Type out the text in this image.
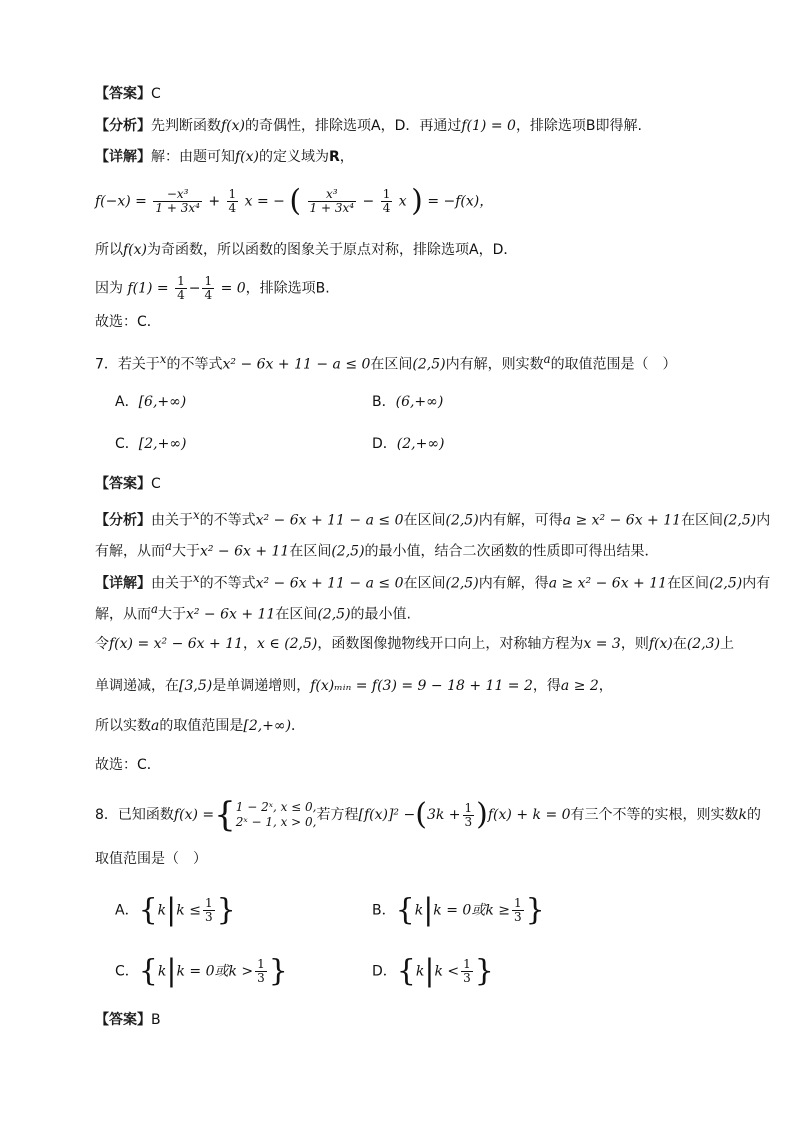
【答案】C
【分析】先判断函数f(x)的奇偶性，排除选项A，D．再通过f(1) = 0，排除选项B即得解.
【详解】解：由题可知f(x)的定义域为R，
$f(-x) = \frac{\text{−x³}}{\text{1 + 3x⁴}} + \frac{1}{4}$ x = − ( $\frac{\text{x³}}{\text{1 + 3x⁴}} - \frac{1}{4}$ x ) = −f(x)，
所以f(x)为奇函数，所以函数的图象关于原点对称，排除选项A，D．
因为 $f(1) = \frac{1}{4} - \frac{1}{4} = 0$，排除选项B.
故选：C．
7．若关于$^x$的不等式x² − 6x + 11 − a ≤ 0在区间(2,5)内有解，则实数$^a$的取值范围是（　）
A．[6,+∞)	B．(6,+∞)
C．[2,+∞)	D．(2,+∞)
【答案】C
【分析】由关于$^x$的不等式x² − 6x + 11 − a ≤ 0在区间(2,5)内有解，可得a ≥ x² − 6x + 11在区间(2,5)内
有解，从而$^a$大于x² − 6x + 11在区间(2,5)的最小值，结合二次函数的性质即可得出结果．
【详解】由关于$^x$的不等式x² − 6x + 11 − a ≤ 0在区间(2,5)内有解，得a ≥ x² − 6x + 11在区间(2,5)内有
解，从而$^a$大于x² − 6x + 11在区间(2,5)的最小值.
令f(x) = x² − 6x + 11，x ∈ (2,5)，函数图像抛物线开口向上，对称轴方程为x = 3，则f(x)在(2,3)上
单调递减，在[3,5)是单调递增则，f(x)ₘᵢₙ = f(3) = 9 − 18 + 11 = 2，得a ≥ 2，
所以实数a的取值范围是[2,+∞)．
故选：C．
8．已知函数f(x) ={ 1 − 2ˣ, x ≤ 0,
2ˣ − 1, x > 0, 若方程$[f(x)]^2 -(3k + \frac{1}{3} )f(x) + k = 0$有三个不等的实根，则实数k的
取值范围是（　）
A．{$k|k \le \frac{1}{3}$ }	B．{k|k = 0或$k \ge \frac{1}{3}$ }
C．{k|k = 0或$k > \frac{1}{3}$ }	D．{$k|k < \frac{1}{3}$ }
【答案】B
